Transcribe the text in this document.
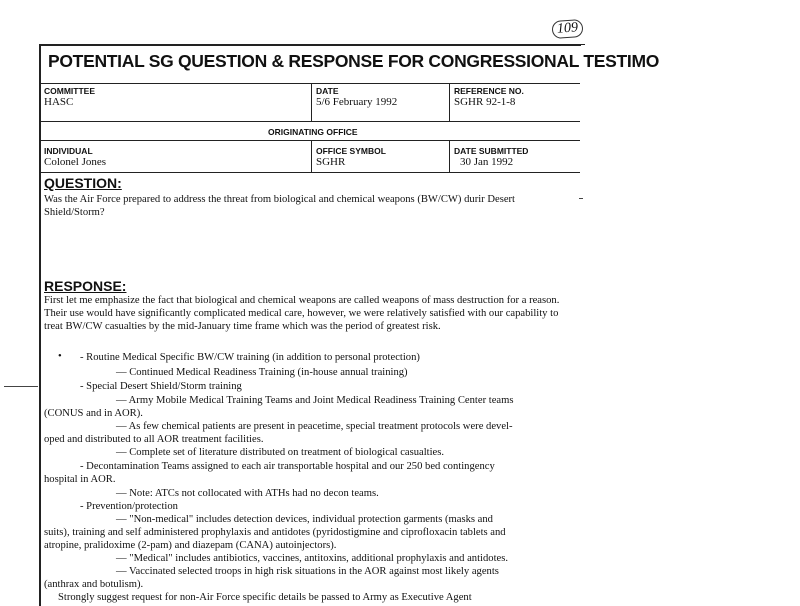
109
POTENTIAL SG QUESTION & RESPONSE FOR CONGRESSIONAL TESTIMO
COMMITTEE
HASC
DATE
5/6 February 1992
REFERENCE NO.
SGHR 92-1-8
ORIGINATING OFFICE
INDIVIDUAL
Colonel Jones
OFFICE SYMBOL
SGHR
DATE SUBMITTED
30 Jan 1992
QUESTION:
Was the Air Force prepared to address the threat from biological and chemical weapons (BW/CW) durir Desert Shield/Storm?
RESPONSE:
First let me emphasize the fact that biological and chemical weapons are called weapons of mass destruction for a reason. Their use would have significantly complicated medical care, however, we were relatively satisfied with our capability to treat BW/CW casualties by the mid-January time frame which was the period of greatest risk.
• - Routine Medical Specific BW/CW training (in addition to personal protection)
— Continued Medical Readiness Training (in-house annual training)
- Special Desert Shield/Storm training
— Army Mobile Medical Training Teams and Joint Medical Readiness Training Center teams
(CONUS and in AOR).
— As few chemical patients are present in peacetime, special treatment protocols were devel-
oped and distributed to all AOR treatment facilities.
— Complete set of literature distributed on treatment of biological casualties.
- Decontamination Teams assigned to each air transportable hospital and our 250 bed contingency
hospital in AOR.
— Note: ATCs not collocated with ATHs had no decon teams.
- Prevention/protection
— "Non-medical" includes detection devices, individual protection garments (masks and
suits), training and self administered prophylaxis and antidotes (pyridostigmine and ciprofloxacin tablets and
atropine, pralidoxime (2-pam) and diazepam (CANA) autoinjectors).
— "Medical" includes antibiotics, vaccines, antitoxins, additional prophylaxis and antidotes.
— Vaccinated selected troops in high risk situations in the AOR against most likely agents
(anthrax and botulism).
Strongly suggest request for non-Air Force specific details be passed to Army as Executive Agent
